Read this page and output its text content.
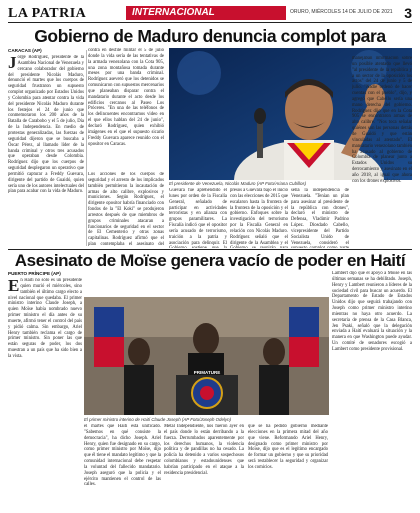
LA PATRIA	INTERNACIONAL	ORURO, MIÉRCOLES 14 DE JULIO DE 2021 3
Gobierno de Maduro denuncia complot para
CARACAS (AP)
Jorge Rodríguez, presidente de la Asamblea Nacional de Venezuela y cercano colaborador del gobierno del presidente Nicolás Maduro, denunció el martes que los cuerpos de seguridad frustraron un supuesto complot organizado por Estados Unidos y Colombia para atentar contra la vida del presidente Nicolás Maduro durante los festejos el 24 de junio que conmemoraron los 200 años de la Batalla de Carabobo y el 5 de julio, Día de la Independencia. En medio de protestas generalizadas, las fuerzas de seguridad dijeron que se buscaba a Óscar Pérez, al llamado líder de la banda criminal y otros tres acusados que operaban desde Colombia. Rodríguez dijo que los cuerpos de seguridad desplegaron un operativo que permitió capturar a Freddy Guevara, dirigente del partido de Guaidó, quien sería uno de los autores intelectuales del plan para acabar con la vida de Maduro.
contra en desfile militar el 5 de julio donde la vida sería de las tentativas de la armada venezolana con la Cota 905, una zona montañosa tomada durante meses por una banda criminal. Rodríguez aseveró que los detenidos se comunicaron con supuestos mercenarios que planeaban disparar contra el mandatario durante el acto desde los edificios cercanos al Paseo Los Próceres. "En una de las teléfonos de los delincuentes encontramos video en el que ellos hablan del 24 de junio", declaró Rodríguez, quien exhibió imágenes en el que el supuesto sicario Freddy Guevara aparece reunido con el opositor en Caracas.
Los acciones de los cuerpos de seguridad y el arresto de los implicados también permitieron la incautación de armas de alto calibre, explosivos y municiones. Según Rodríguez, el dirigente opositor habría financiado con fondos de la "El Koki" se produjeron arrestos después de que miembros de grupos criminales atacaran a funcionarios de seguridad en el sector de El Cementerio y otras zonas capitalinas. Rodríguez afirmó que el plan contemplaba el asesinato del
El presidente de Venezuela, Nicolás Maduro (AP Foto/Ariana Cubillos)
Guevara fue aprehendido el lunes por orden de la Fiscalía General, señalado de participar en actividades terroristas y en alianza con grupos paramilitares. La Fiscalía indicó que el opositor sería acusado de terrorismo, traición a la patria y asociación para delinquir. El
presos a Guevara bajo el inicio con las elecciones de 2015 que escalaron hasta la frontera de la frontera de la oposición y el gobierno. Enfoques sobre la investigación del terrorismo por la Fiscalía General en relación con Nicolás Maduro. Rodríguez señaló que el dirigente de la Asamblea y el
sella la independencia de Venezuela. "Tenían un plan para asesinar al presidente de la república con drones", declaró el ministro de Defensa, Vladimir Padrino López. Diosdado Cabello, vicepresidente del Partido Socialista Unido de Venezuela, consideró el
manejaban información sobre un posible atentado que llevó "al presidente de la república y a un sector de la oposición los actos" del 24 de junio y 5 de julio. "Nadie ordenó de hacer cuentas con el pueblo", dijo, y agregó que Cabello sería una mano derecha del gobierno. Rodríguez dijo que en la Cota 905 se encontraron armas de alto calibre. "Nos toca señalar quiénes son las personas detrás de Guaidó y que están vinculadas al atentado". El mandatario venezolano también ha acusado al gobierno de Colombia de planear junto a Estados Unidos su derrocamiento y asesinato en el año 2018, al igual que ahora con los drones explosivos.
Asesinato de Moïse genera vacío de poder en Haití
PUERTO PRÍNCIPE (AP)
En Haití no sólo es un presidente quien murió el miércoles, sino también el último cargo electo a nivel nacional que quedaba. El primer ministro interino Claude Joseph, a quien Moïse había nombrado nuevo primer ministro el día antes de su muerte, afirmó tener el control del país y pidió calma. Sin embargo, Ariel Henry también reclama el cargo de primer ministro. Sin poner las que están seguras de poder, los dos muestran a un país que ha sido bien a la vista.
PRIMATURE
El primer ministro interino de Haití Claude Joseph (AP Foto/Joseph Odelyn)
el martes que Haití está unificado. "Sabemos en qué consiste la democracia", ha dicho Joseph. Ariel Henry, quien fue designado en su cargo, como primer ministro por Moïse, dijo que él tiene el mandato legítimo y que la comunidad internacional debe respetar la voluntad del fallecido mandatario. Joseph aseguró que la policía y el ejército mantienen el control de las calles.
Metal Independiente, nos fueron ayer en el país donde lo están derribando a la fuerza. Derrumbados aparentemente por los derechos humanos, la violencia política y de pandillas no ha cesado. La policía ha detenido a varios sospechosos colombianos y estadounidenses que habrían participado en el ataque a la residencia presidencial.
que se ha pedido gobierno mediante elecciones en la primera mitad del año que viene. Reformando Ariel Henry, designado como primer ministro por Moïse, dijo que es el legítimo encargado de formar un gobierno y que su prioridad será restablecer la seguridad y organizar los comicios.
Lambert dijo que el apoyo a Moïse en las últimas semanas se ha debilitado. Joseph, Henry y Lambert reunieron a líderes de la sociedad civil para buscar un acuerdo. El Departamento de Estado de Estados Unidos dijo que seguirá trabajando con Joseph como primer ministro interino mientras no haya otro acuerdo. La secretaria de prensa de la Casa Blanca, Jen Psaki, señaló que la delegación enviada a Haití evaluará la situación y la manera en que Washington puede ayudar. Un comité de senadores escogió a Lambert como presidente provisional.
